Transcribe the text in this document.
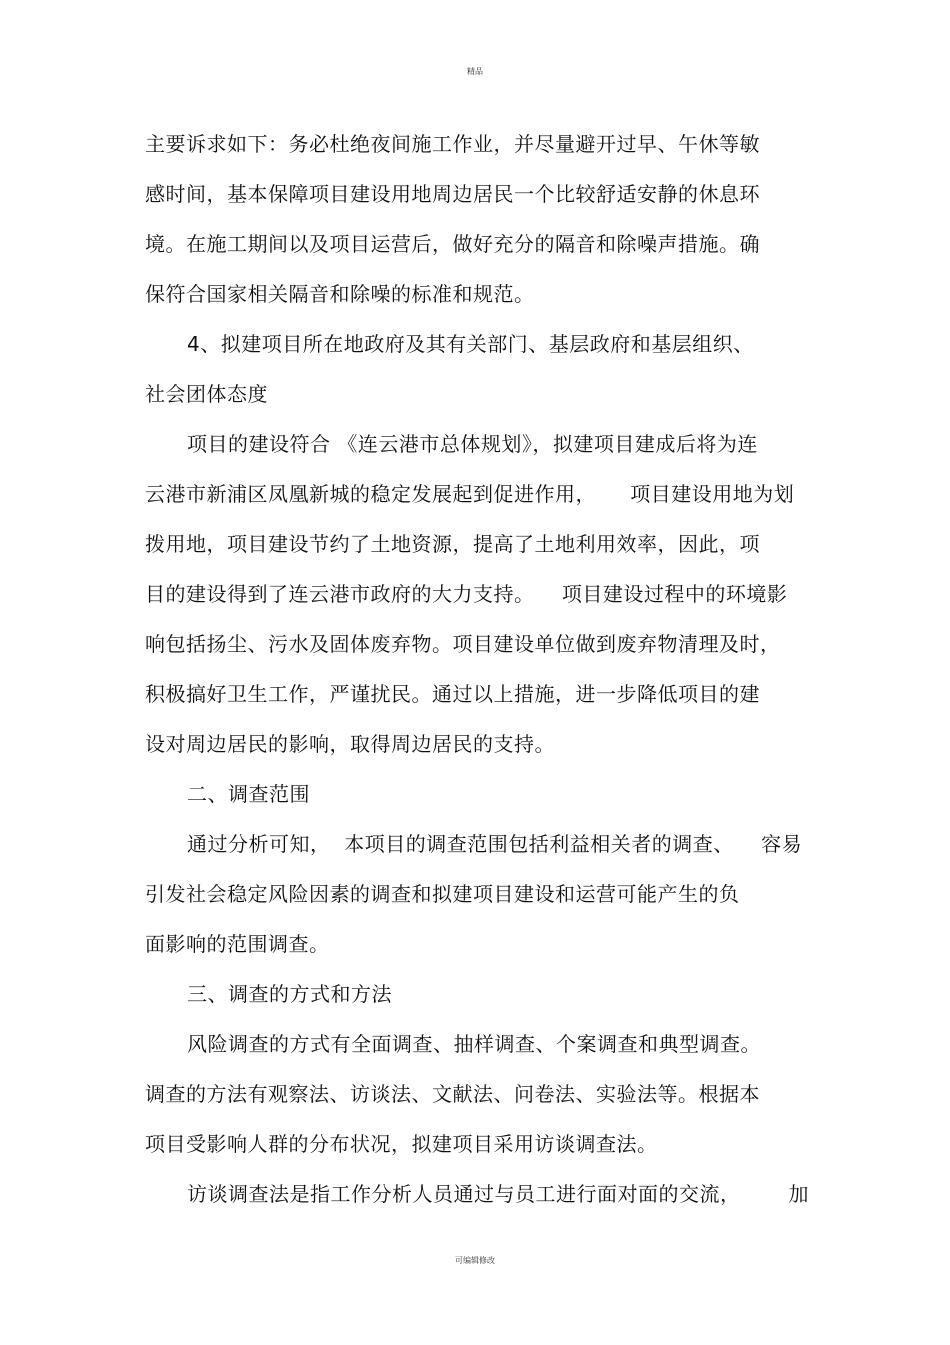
精品
主要诉求如下：务必杜绝夜间施工作业，并尽量避开过早、午休等敏
感时间，基本保障项目建设用地周边居民一个比较舒适安静的休息环
境。在施工期间以及项目运营后，做好充分的隔音和除噪声措施。确
保符合国家相关隔音和除噪的标准和规范。
4、拟建项目所在地政府及其有关部门、基层政府和基层组织、
社会团体态度
项目的建设符合 《连云港市总体规划》，拟建项目建成后将为连
云港市新浦区凤凰新城的稳定发展起到促进作用，     项目建设用地为划
拨用地，项目建设节约了土地资源，提高了土地利用效率，因此，项
目的建设得到了连云港市政府的大力支持。    项目建设过程中的环境影
响包括扬尘、污水及固体废弃物。项目建设单位做到废弃物清理及时，
积极搞好卫生工作，严谨扰民。通过以上措施，进一步降低项目的建
设对周边居民的影响，取得周边居民的支持。
二、调查范围
通过分析可知，  本项目的调查范围包括利益相关者的调查、    容易
引发社会稳定风险因素的调查和拟建项目建设和运营可能产生的负
面影响的范围调查。
三、调查的方式和方法
风险调查的方式有全面调查、抽样调查、个案调查和典型调查。
调查的方法有观察法、访谈法、文献法、问卷法、实验法等。根据本
项目受影响人群的分布状况，拟建项目采用访谈调查法。
访谈调查法是指工作分析人员通过与员工进行面对面的交流，       加
可编辑修改
